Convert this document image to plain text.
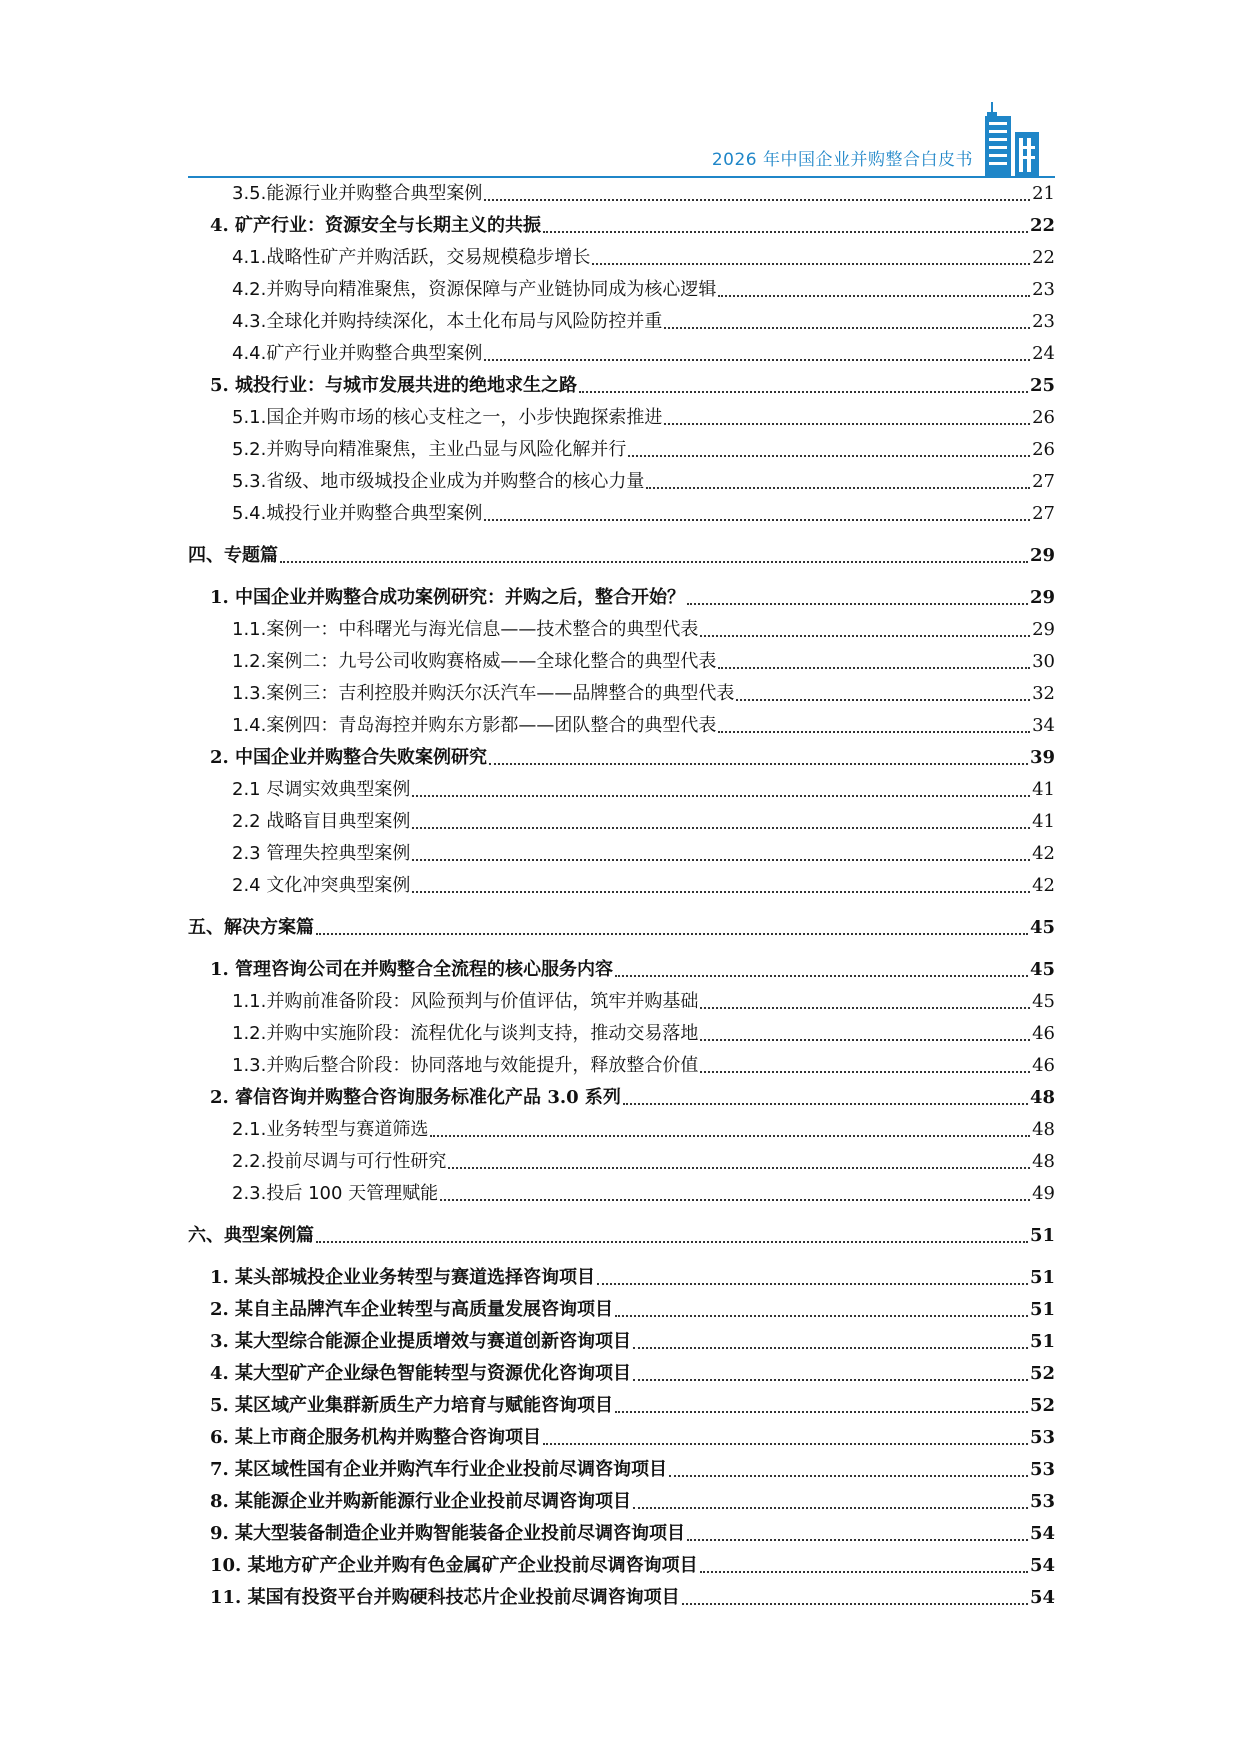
2026 年中国企业并购整合白皮书
3.5.能源行业并购整合典型案例	21
4. 矿产行业：资源安全与长期主义的共振	22
4.1.战略性矿产并购活跃，交易规模稳步增长	22
4.2.并购导向精准聚焦，资源保障与产业链协同成为核心逻辑	23
4.3.全球化并购持续深化，本土化布局与风险防控并重	23
4.4.矿产行业并购整合典型案例	24
5. 城投行业：与城市发展共进的绝地求生之路	25
5.1.国企并购市场的核心支柱之一，小步快跑探索推进	26
5.2.并购导向精准聚焦，主业凸显与风险化解并行	26
5.3.省级、地市级城投企业成为并购整合的核心力量	27
5.4.城投行业并购整合典型案例	27
四、专题篇	29
1. 中国企业并购整合成功案例研究：并购之后，整合开始？	29
1.1.案例一：中科曙光与海光信息——技术整合的典型代表	29
1.2.案例二：九号公司收购赛格威——全球化整合的典型代表	30
1.3.案例三：吉利控股并购沃尔沃汽车——品牌整合的典型代表	32
1.4.案例四：青岛海控并购东方影都——团队整合的典型代表	34
2. 中国企业并购整合失败案例研究	39
2.1 尽调实效典型案例	41
2.2 战略盲目典型案例	41
2.3 管理失控典型案例	42
2.4 文化冲突典型案例	42
五、解决方案篇	45
1. 管理咨询公司在并购整合全流程的核心服务内容	45
1.1.并购前准备阶段：风险预判与价值评估，筑牢并购基础	45
1.2.并购中实施阶段：流程优化与谈判支持，推动交易落地	46
1.3.并购后整合阶段：协同落地与效能提升，释放整合价值	46
2. 睿信咨询并购整合咨询服务标准化产品 3.0 系列	48
2.1.业务转型与赛道筛选	48
2.2.投前尽调与可行性研究	48
2.3.投后 100 天管理赋能	49
六、典型案例篇	51
1. 某头部城投企业业务转型与赛道选择咨询项目	51
2. 某自主品牌汽车企业转型与高质量发展咨询项目	51
3. 某大型综合能源企业提质增效与赛道创新咨询项目	51
4. 某大型矿产企业绿色智能转型与资源优化咨询项目	52
5. 某区域产业集群新质生产力培育与赋能咨询项目	52
6. 某上市商企服务机构并购整合咨询项目	53
7. 某区域性国有企业并购汽车行业企业投前尽调咨询项目	53
8. 某能源企业并购新能源行业企业投前尽调咨询项目	53
9. 某大型装备制造企业并购智能装备企业投前尽调咨询项目	54
10. 某地方矿产企业并购有色金属矿产企业投前尽调咨询项目	54
11. 某国有投资平台并购硬科技芯片企业投前尽调咨询项目	54
